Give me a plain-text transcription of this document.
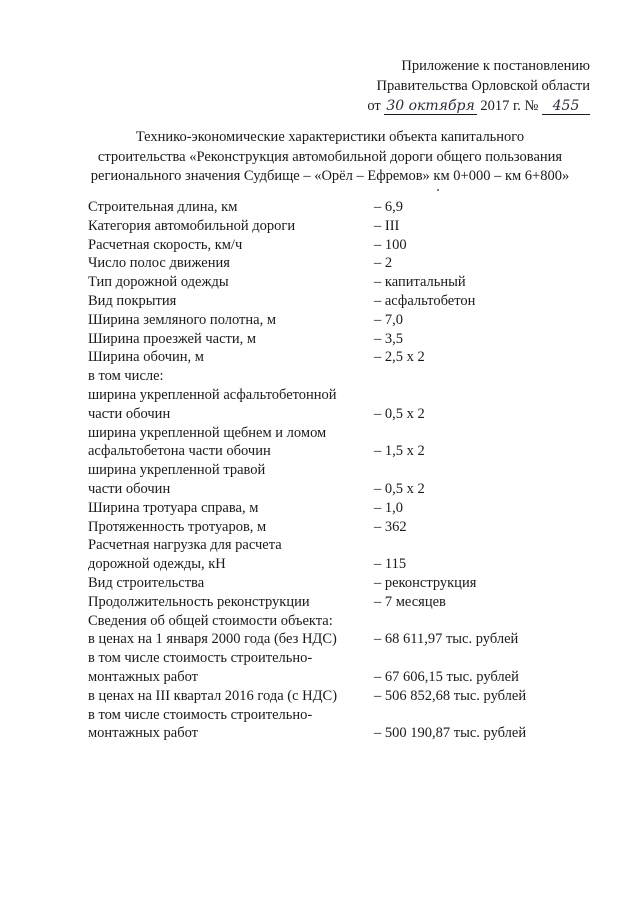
Приложение к постановлению
Правительства Орловской области
от 30 октября 2017 г. № 455
Технико-экономические характеристики объекта капитального
строительства «Реконструкция автомобильной дороги общего пользования
регионального значения Судбище – «Орёл – Ефремов» км 0+000 – км 6+800»
Строительная длина, км	– 6,9
Категория автомобильной дороги	– III
Расчетная скорость, км/ч	– 100
Число полос движения	– 2
Тип дорожной одежды	– капитальный
Вид покрытия	– асфальтобетон
Ширина земляного полотна, м	– 7,0
Ширина проезжей части, м	– 3,5
Ширина обочин, м	– 2,5 х 2
в том числе:
ширина укрепленной асфальтобетонной
части обочин	– 0,5 х 2
ширина укрепленной щебнем и ломом
асфальтобетона части обочин	– 1,5 х 2
ширина укрепленной травой
части обочин	– 0,5 х 2
Ширина тротуара справа, м	– 1,0
Протяженность тротуаров, м	– 362
Расчетная нагрузка для расчета
дорожной одежды, кН	– 115
Вид строительства	– реконструкция
Продолжительность реконструкции	– 7 месяцев
Сведения об общей стоимости объекта:
в ценах на 1 января 2000 года (без НДС)	– 68 611,97 тыс. рублей
в том числе стоимость строительно-
монтажных работ	– 67 606,15 тыс. рублей
в ценах на III квартал 2016 года (с НДС)	– 506 852,68 тыс. рублей
в том числе стоимость строительно-
монтажных работ	– 500 190,87 тыс. рублей
